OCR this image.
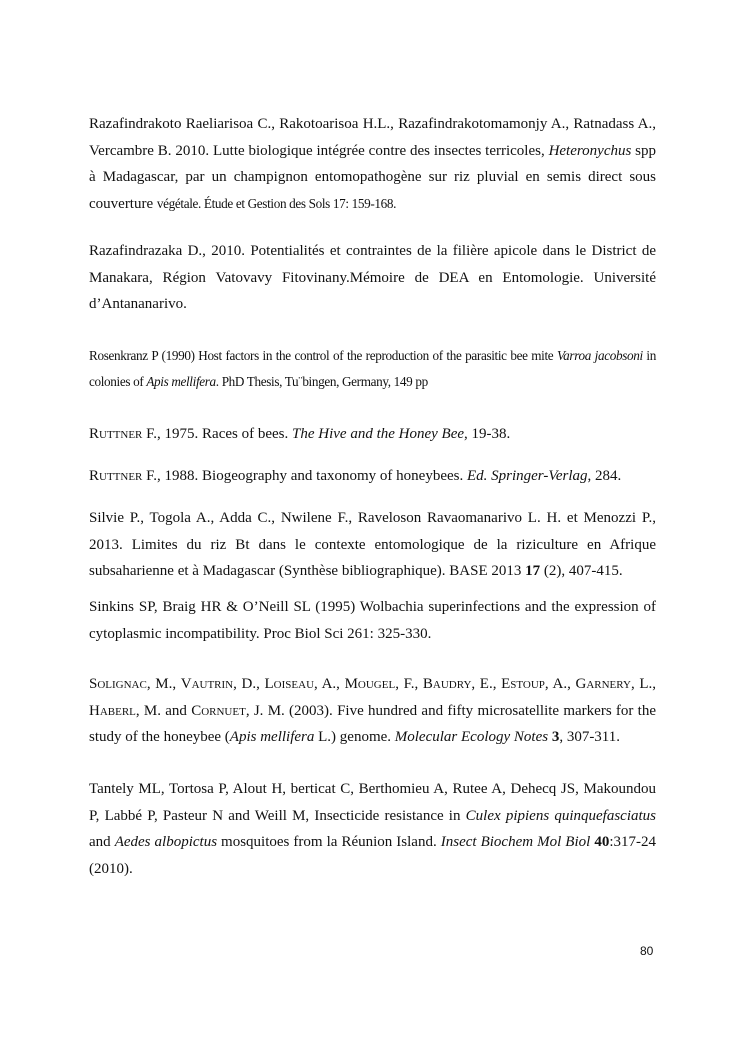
Razafindrakoto Raeliarisoa C., Rakotoarisoa H.L., Razafindrakotomamonjy A., Ratnadass A., Vercambre B. 2010. Lutte biologique intégrée contre des insectes terricoles, Heteronychus spp à Madagascar, par un champignon entomopathogène sur riz pluvial en semis direct sous couverture végétale. Étude et Gestion des Sols 17: 159-168.

Razafindrazaka D., 2010. Potentialités et contraintes de la filière apicole dans le District de Manakara, Région Vatovavy Fitovinany.Mémoire de DEA en Entomologie. Université d’Antananarivo.

Rosenkranz P (1990) Host factors in the control of the reproduction of the parasitic bee mite Varroa jacobsoni in colonies of Apis mellifera. PhD Thesis, Tu¨bingen, Germany, 149 pp

Ruttner F., 1975. Races of bees. The Hive and the Honey Bee, 19-38.

Ruttner F., 1988. Biogeography and taxonomy of honeybees. Ed. Springer-Verlag, 284.

Silvie P., Togola A., Adda C., Nwilene F., Raveloson Ravaomanarivo L. H. et Menozzi P., 2013. Limites du riz Bt dans le contexte entomologique de la riziculture en Afrique subsaharienne et à Madagascar (Synthèse bibliographique). BASE 2013 17 (2), 407-415.

Sinkins SP, Braig HR & O’Neill SL (1995) Wolbachia superinfections and the expression of cytoplasmic incompatibility. Proc Biol Sci 261: 325-330.

Solignac, M., Vautrin, D., Loiseau, A., Mougel, F., Baudry, E., Estoup, A., Garnery, L., Haberl, M. and Cornuet, J. M. (2003). Five hundred and fifty microsatellite markers for the study of the honeybee (Apis mellifera L.) genome. Molecular Ecology Notes 3, 307-311.

Tantely ML, Tortosa P, Alout H, berticat C, Berthomieu A, Rutee A, Dehecq JS, Makoundou P, Labbé P, Pasteur N and Weill M, Insecticide resistance in Culex pipiens quinquefasciatus and Aedes albopictus mosquitoes from la Réunion Island. Insect Biochem Mol Biol 40:317-24 (2010).

80
